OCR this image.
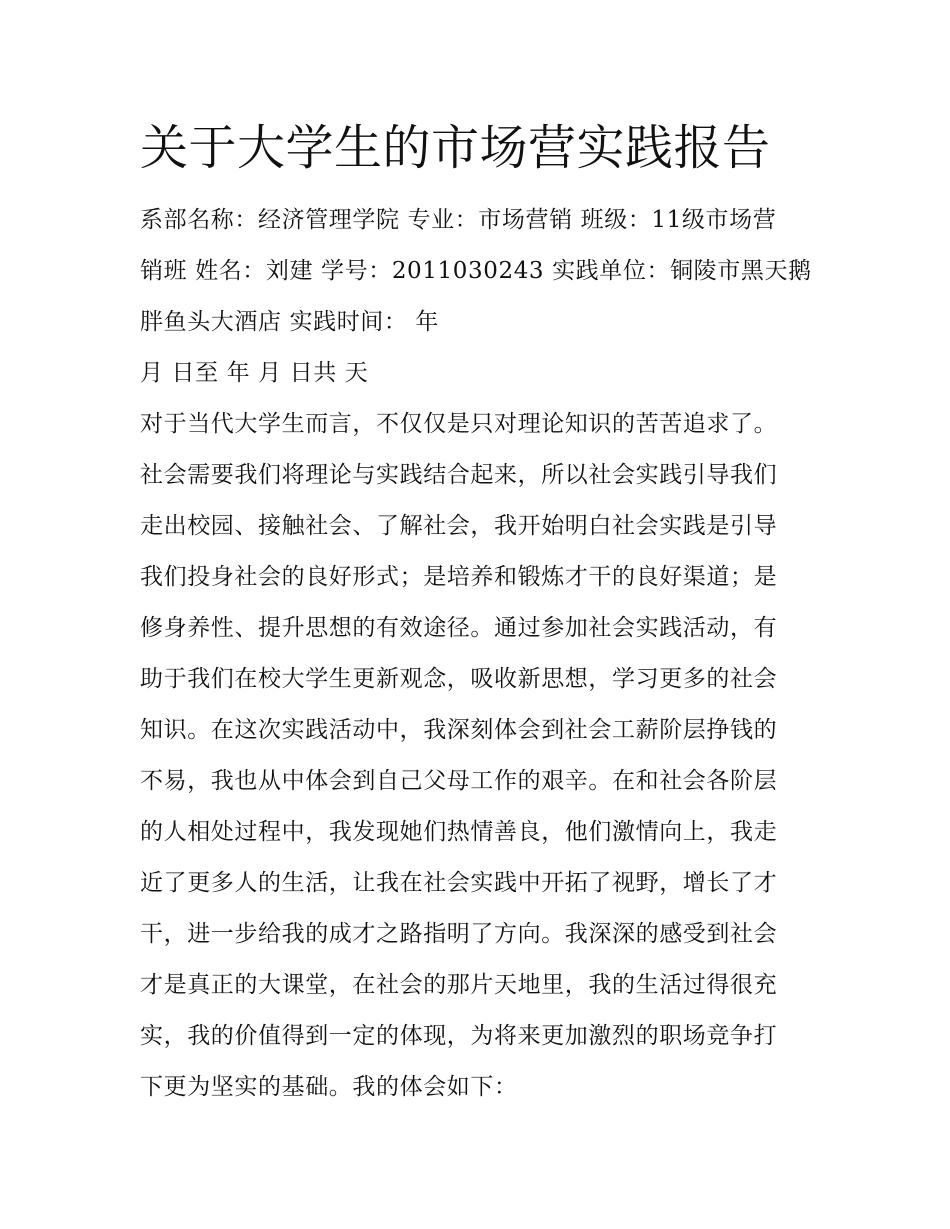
关于大学生的市场营实践报告
系部名称：经济管理学院 专业：市场营销 班级：11级市场营
销班 姓名：刘建 学号：2011030243 实践单位：铜陵市黑天鹅
胖鱼头大酒店 实践时间： 年
月 日至 年 月 日共 天
对于当代大学生而言，不仅仅是只对理论知识的苦苦追求了。
社会需要我们将理论与实践结合起来，所以社会实践引导我们
走出校园、接触社会、了解社会，我开始明白社会实践是引导
我们投身社会的良好形式；是培养和锻炼才干的良好渠道；是
修身养性、提升思想的有效途径。通过参加社会实践活动，有
助于我们在校大学生更新观念，吸收新思想，学习更多的社会
知识。在这次实践活动中，我深刻体会到社会工薪阶层挣钱的
不易，我也从中体会到自己父母工作的艰辛。在和社会各阶层
的人相处过程中，我发现她们热情善良，他们激情向上，我走
近了更多人的生活，让我在社会实践中开拓了视野，增长了才
干，进一步给我的成才之路指明了方向。我深深的感受到社会
才是真正的大课堂，在社会的那片天地里，我的生活过得很充
实，我的价值得到一定的体现，为将来更加激烈的职场竞争打
下更为坚实的基础。我的体会如下：
